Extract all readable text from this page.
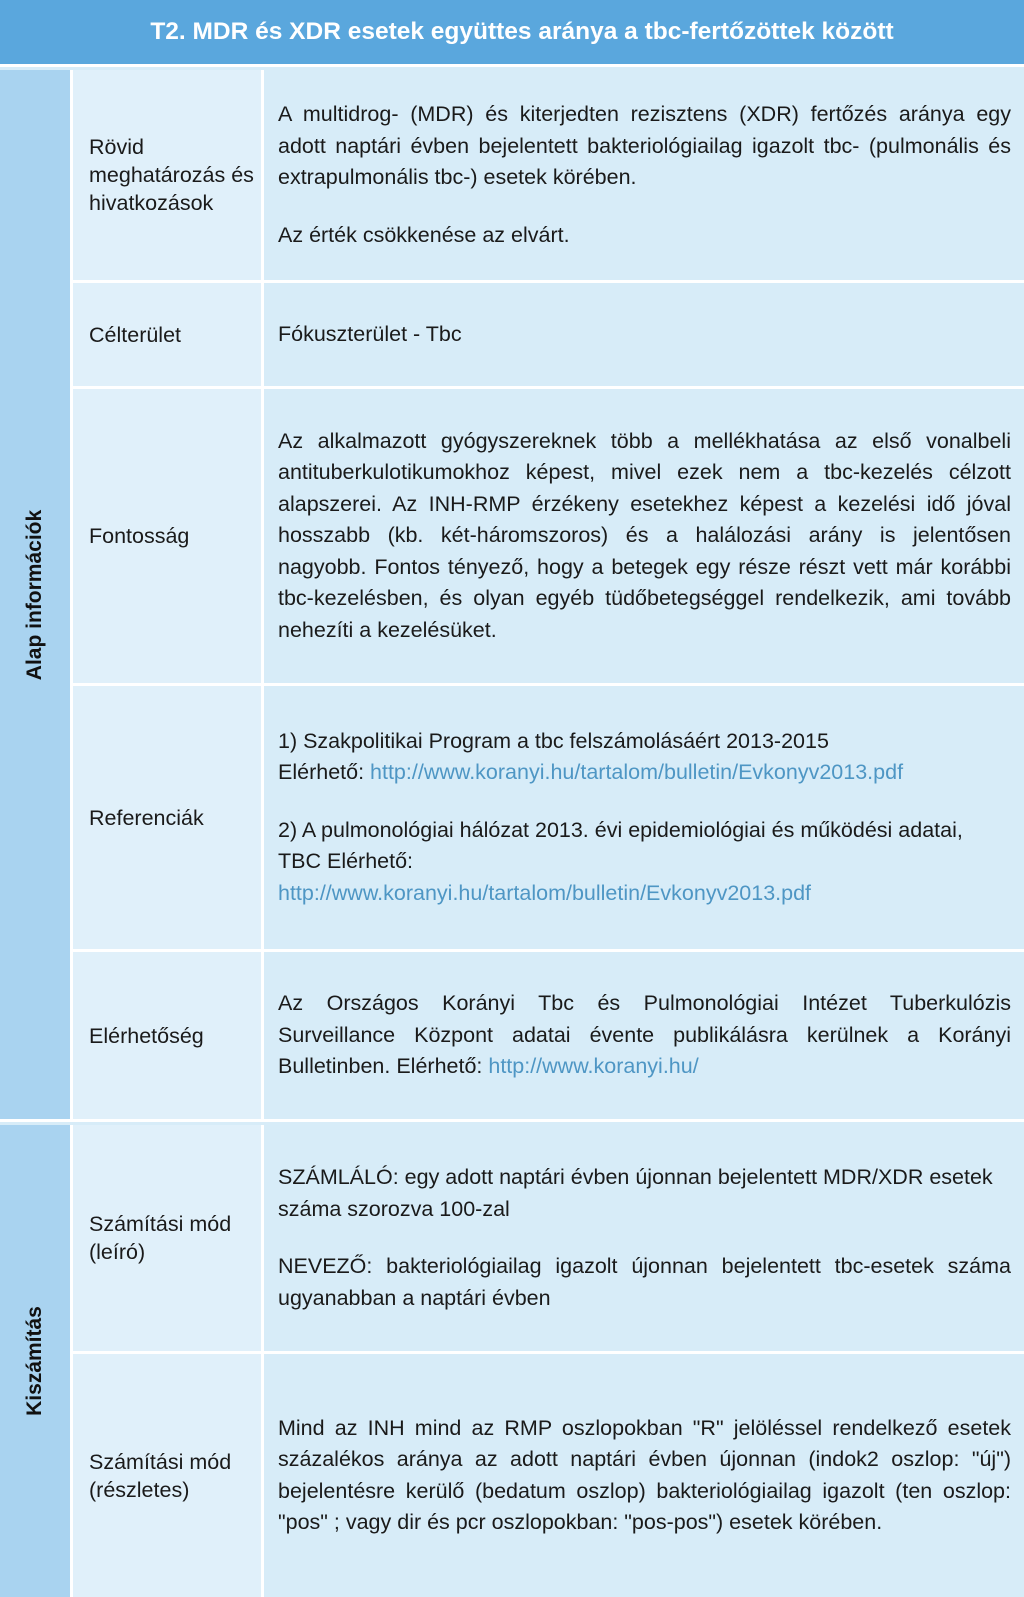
T2. MDR és XDR esetek együttes aránya a tbc-fertőzöttek között
Alap információk
Kiszámítás
Rövid meghatározás és hivatkozások

A multidrog- (MDR) és kiterjedten rezisztens (XDR) fertőzés aránya egy adott naptári évben bejelentett bakteriológiailag igazolt tbc- (pulmonális és extrapulmonális tbc-) esetek körében.

Az érték csökkenése az elvárt.

Célterület	Fókuszterület - Tbc

Fontosság

Az alkalmazott gyógyszereknek több a mellékhatása az első vonalbeli antituberkulotikumokhoz képest, mivel ezek nem a tbc-kezelés célzott alapszerei. Az INH-RMP érzékeny esetekhez képest a kezelési idő jóval hosszabb (kb. két-háromszoros) és a halálozási arány is jelentősen nagyobb. Fontos tényező, hogy a betegek egy része részt vett már korábbi tbc-kezelésben, és olyan egyéb tüdőbetegséggel rendelkezik, ami tovább nehezíti a kezelésüket.

Referenciák

1) Szakpolitikai Program a tbc felszámolásáért 2013-2015
Elérhető: http://www.koranyi.hu/tartalom/bulletin/Evkonyv2013.pdf

2) A pulmonológiai hálózat 2013. évi epidemiológiai és működési adatai, TBC Elérhető:
http://www.koranyi.hu/tartalom/bulletin/Evkonyv2013.pdf

Elérhetőség

Az Országos Korányi Tbc és Pulmonológiai Intézet Tuberkulózis Surveillance Központ adatai évente publikálásra kerülnek a Korányi Bulletinben. Elérhető: http://www.koranyi.hu/

Számítási mód (leíró)

SZÁMLÁLÓ: egy adott naptári évben újonnan bejelentett MDR/XDR esetek száma szorozva 100-zal

NEVEZŐ: bakteriológiailag igazolt újonnan bejelentett tbc-esetek száma ugyanabban a naptári évben

Számítási mód (részletes)

Mind az INH mind az RMP oszlopokban "R" jelöléssel rendelkező esetek százalékos aránya az adott naptári évben újonnan (indok2 oszlop: "új") bejelentésre kerülő (bedatum oszlop) bakteriológiailag igazolt (ten oszlop: "pos" ; vagy dir és pcr oszlopokban: "pos-pos") esetek körében.
